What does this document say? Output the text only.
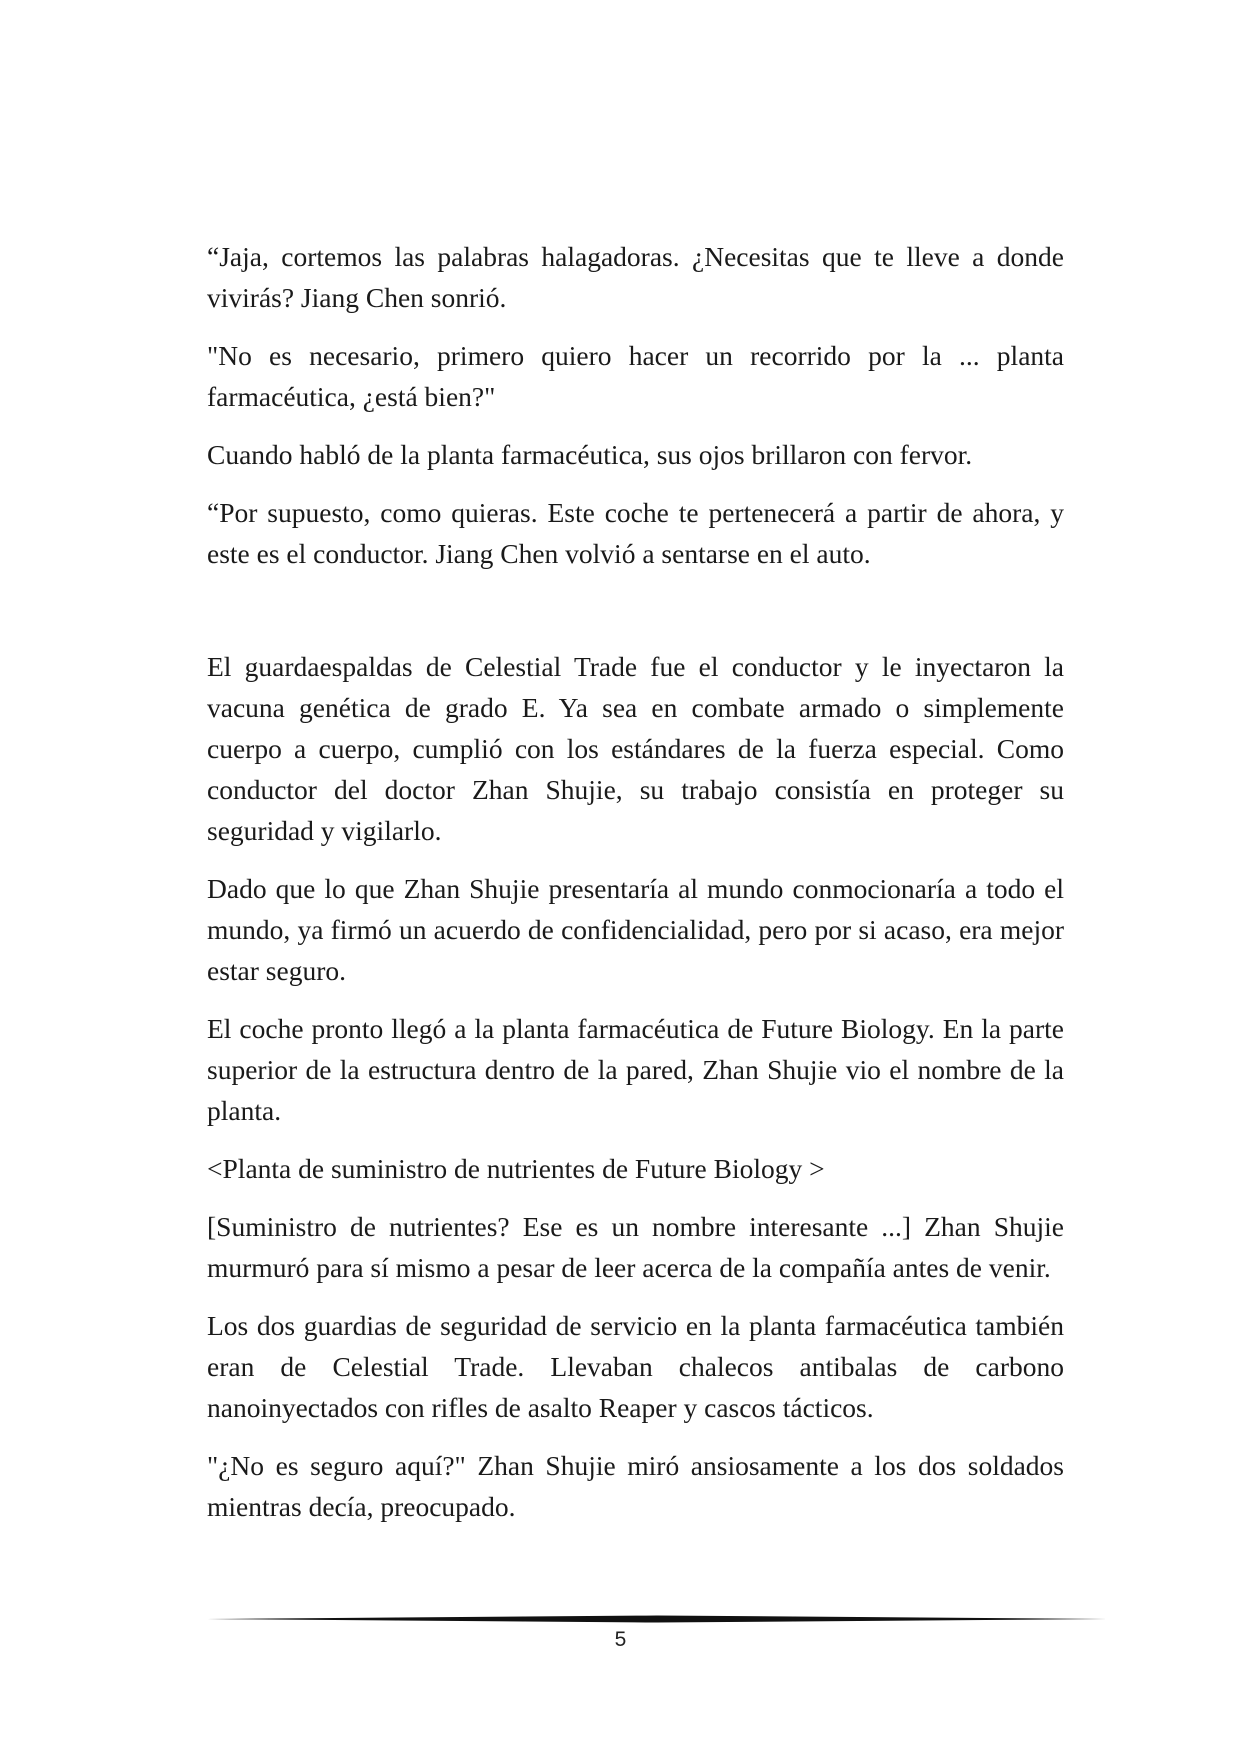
“Jaja, cortemos las palabras halagadoras. ¿Necesitas que te lleve a donde vivirás? Jiang Chen sonrió.

"No es necesario, primero quiero hacer un recorrido por la ... planta farmacéutica, ¿está bien?"

Cuando habló de la planta farmacéutica, sus ojos brillaron con fervor.

“Por supuesto, como quieras. Este coche te pertenecerá a partir de ahora, y este es el conductor. Jiang Chen volvió a sentarse en el auto.

El guardaespaldas de Celestial Trade fue el conductor y le inyectaron la vacuna genética de grado E. Ya sea en combate armado o simplemente cuerpo a cuerpo, cumplió con los estándares de la fuerza especial. Como conductor del doctor Zhan Shujie, su trabajo consistía en proteger su seguridad y vigilarlo.

Dado que lo que Zhan Shujie presentaría al mundo conmocionaría a todo el mundo, ya firmó un acuerdo de confidencialidad, pero por si acaso, era mejor estar seguro.

El coche pronto llegó a la planta farmacéutica de Future Biology. En la parte superior de la estructura dentro de la pared, Zhan Shujie vio el nombre de la planta.

<Planta de suministro de nutrientes de Future Biology >

[Suministro de nutrientes? Ese es un nombre interesante ...] Zhan Shujie murmuró para sí mismo a pesar de leer acerca de la compañía antes de venir.

Los dos guardias de seguridad de servicio en la planta farmacéutica también eran de Celestial Trade. Llevaban chalecos antibalas de carbono nanoinyectados con rifles de asalto Reaper y cascos tácticos.

"¿No es seguro aquí?" Zhan Shujie miró ansiosamente a los dos soldados mientras decía, preocupado.

5
